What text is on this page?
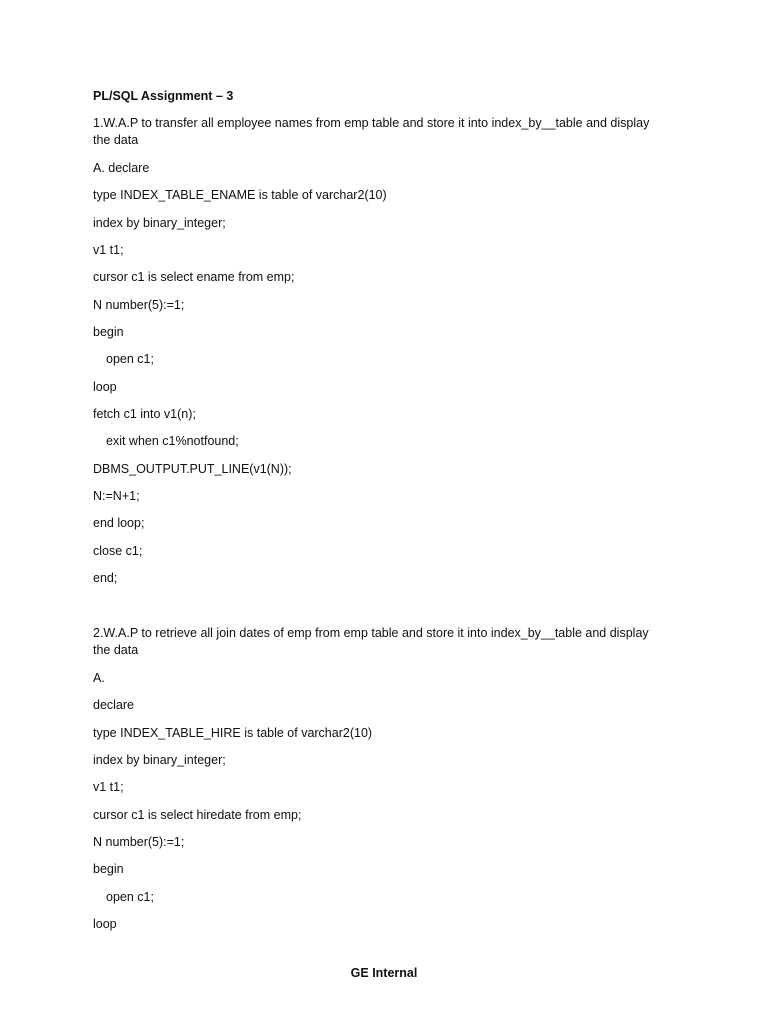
PL/SQL Assignment – 3
1.W.A.P to transfer all employee names from emp table and store it into index_by__table and display the data
A. declare
type INDEX_TABLE_ENAME is table of varchar2(10)
index by binary_integer;
v1 t1;
cursor c1 is select ename from emp;
N number(5):=1;
begin
open c1;
loop
fetch c1 into v1(n);
exit when c1%notfound;
DBMS_OUTPUT.PUT_LINE(v1(N));
N:=N+1;
end loop;
close c1;
end;
2.W.A.P to retrieve all join dates of emp from emp table and store it into index_by__table and display the data
A.
declare
type INDEX_TABLE_HIRE is table of varchar2(10)
index by binary_integer;
v1 t1;
cursor c1 is select hiredate from emp;
N number(5):=1;
begin
open c1;
loop
GE Internal
